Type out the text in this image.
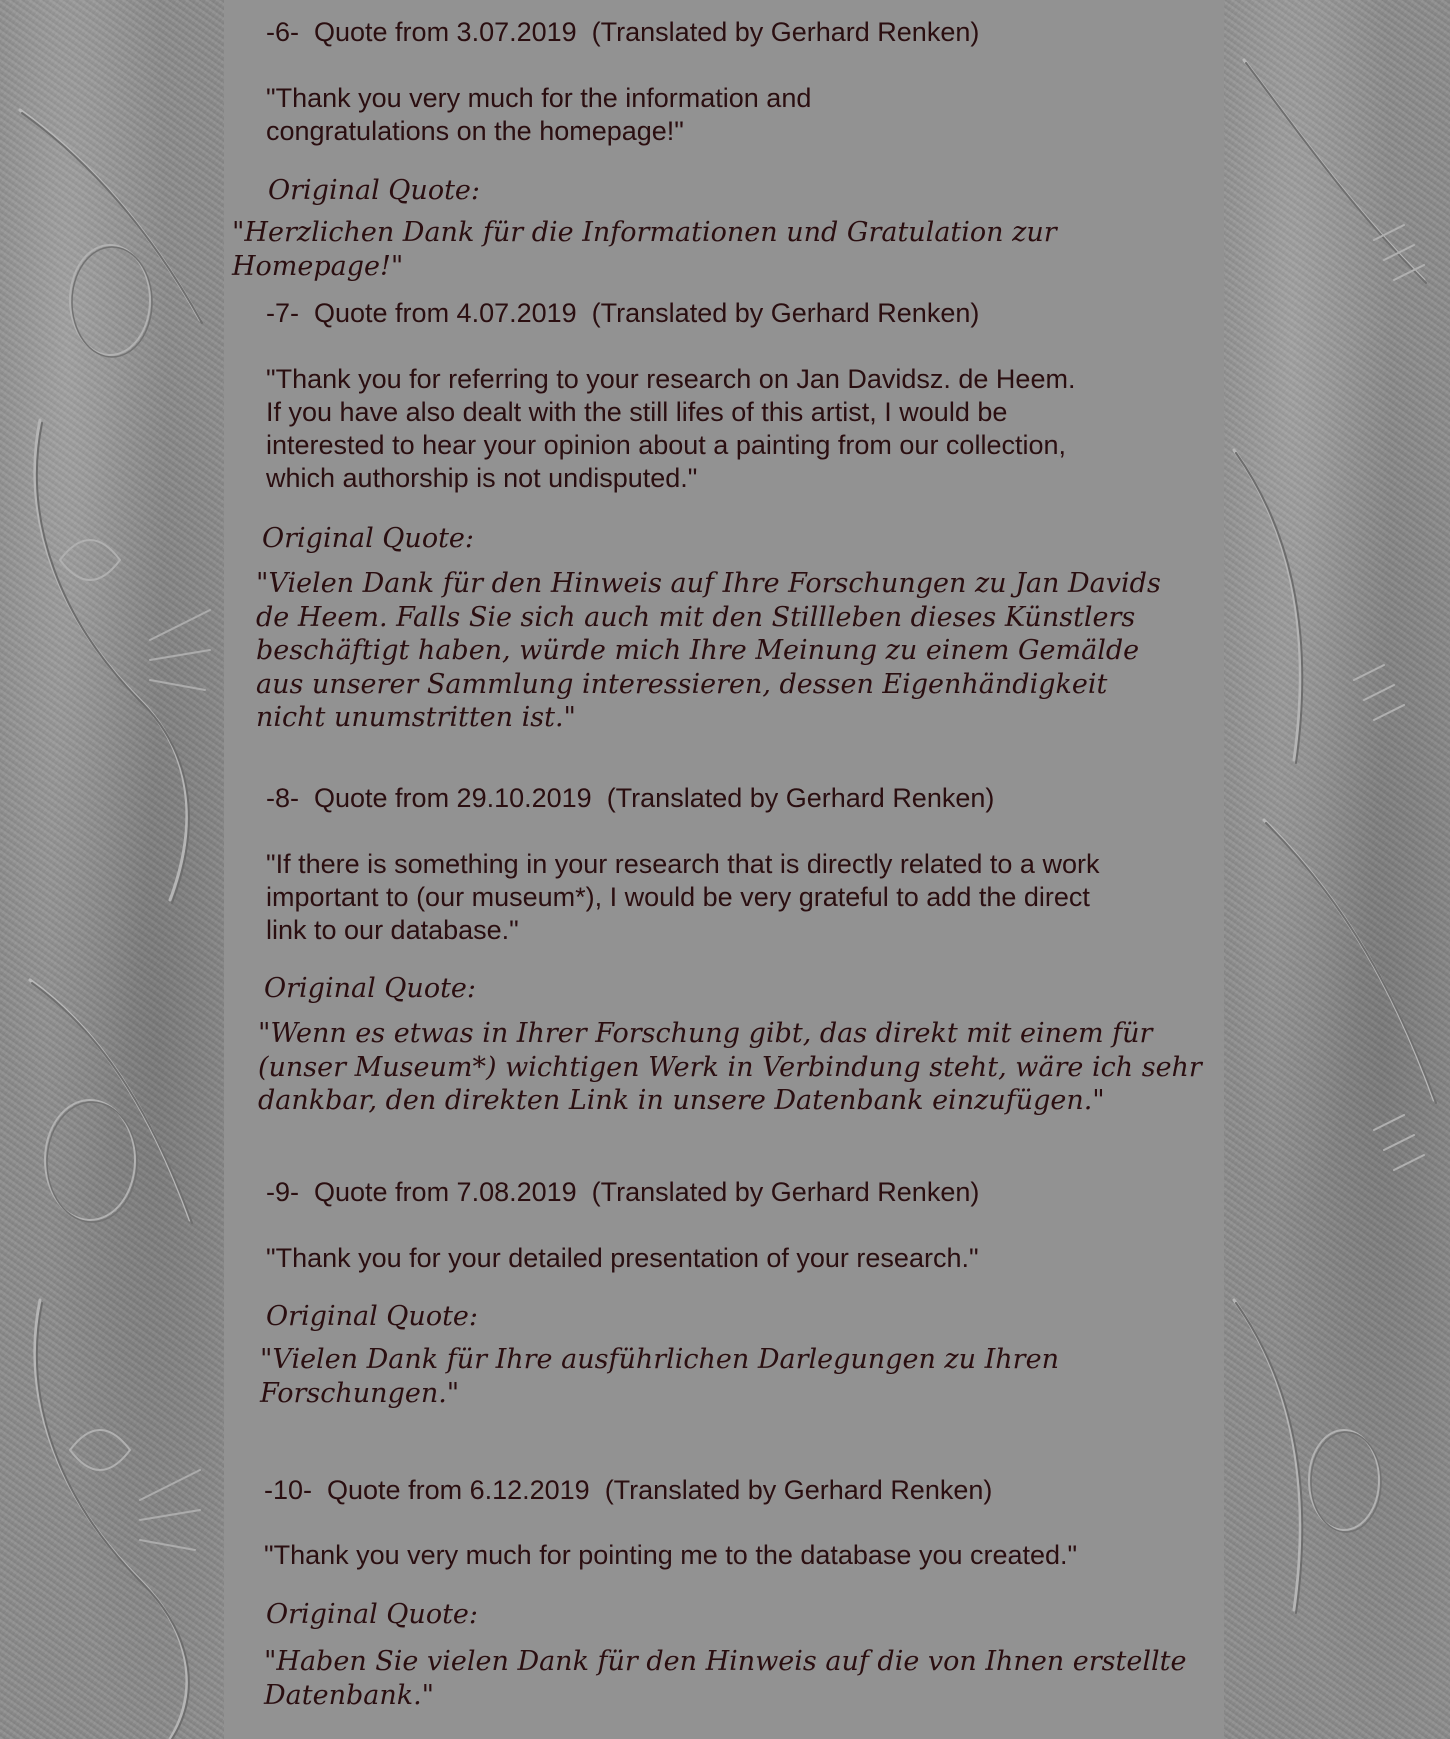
-6-  Quote from 3.07.2019  (Translated by Gerhard Renken)
"Thank you very much for the information and
congratulations on the homepage!"
Original Quote:
"Herzlichen Dank für die Informationen und Gratulation zur Homepage!"
-7-  Quote from 4.07.2019  (Translated by Gerhard Renken)
"Thank you for referring to your research on Jan Davidsz. de Heem.
If you have also dealt with the still lifes of this artist, I would be
interested to hear your opinion about a painting from our collection,
which authorship is not undisputed."
Original Quote:
"Vielen Dank für den Hinweis auf Ihre Forschungen zu Jan Davids
de Heem. Falls Sie sich auch mit den Stillleben dieses Künstlers
beschäftigt haben, würde mich Ihre Meinung zu einem Gemälde
aus unserer Sammlung interessieren, dessen Eigenhändigkeit
nicht unumstritten ist."
-8-  Quote from 29.10.2019  (Translated by Gerhard Renken)
"If there is something in your research that is directly related to a work
important to (our museum*), I would be very grateful to add the direct
link to our database."
Original Quote:
"Wenn es etwas in Ihrer Forschung gibt, das direkt mit einem für
(unser Museum*) wichtigen Werk in Verbindung steht, wäre ich sehr
dankbar, den direkten Link in unsere Datenbank einzufügen."
-9-  Quote from 7.08.2019  (Translated by Gerhard Renken)
"Thank you for your detailed presentation of your research."
Original Quote:
"Vielen Dank für Ihre ausführlichen Darlegungen zu Ihren
Forschungen."
-10-  Quote from 6.12.2019  (Translated by Gerhard Renken)
"Thank you very much for pointing me to the database you created."
Original Quote:
"Haben Sie vielen Dank für den Hinweis auf die von Ihnen erstellte
Datenbank."
